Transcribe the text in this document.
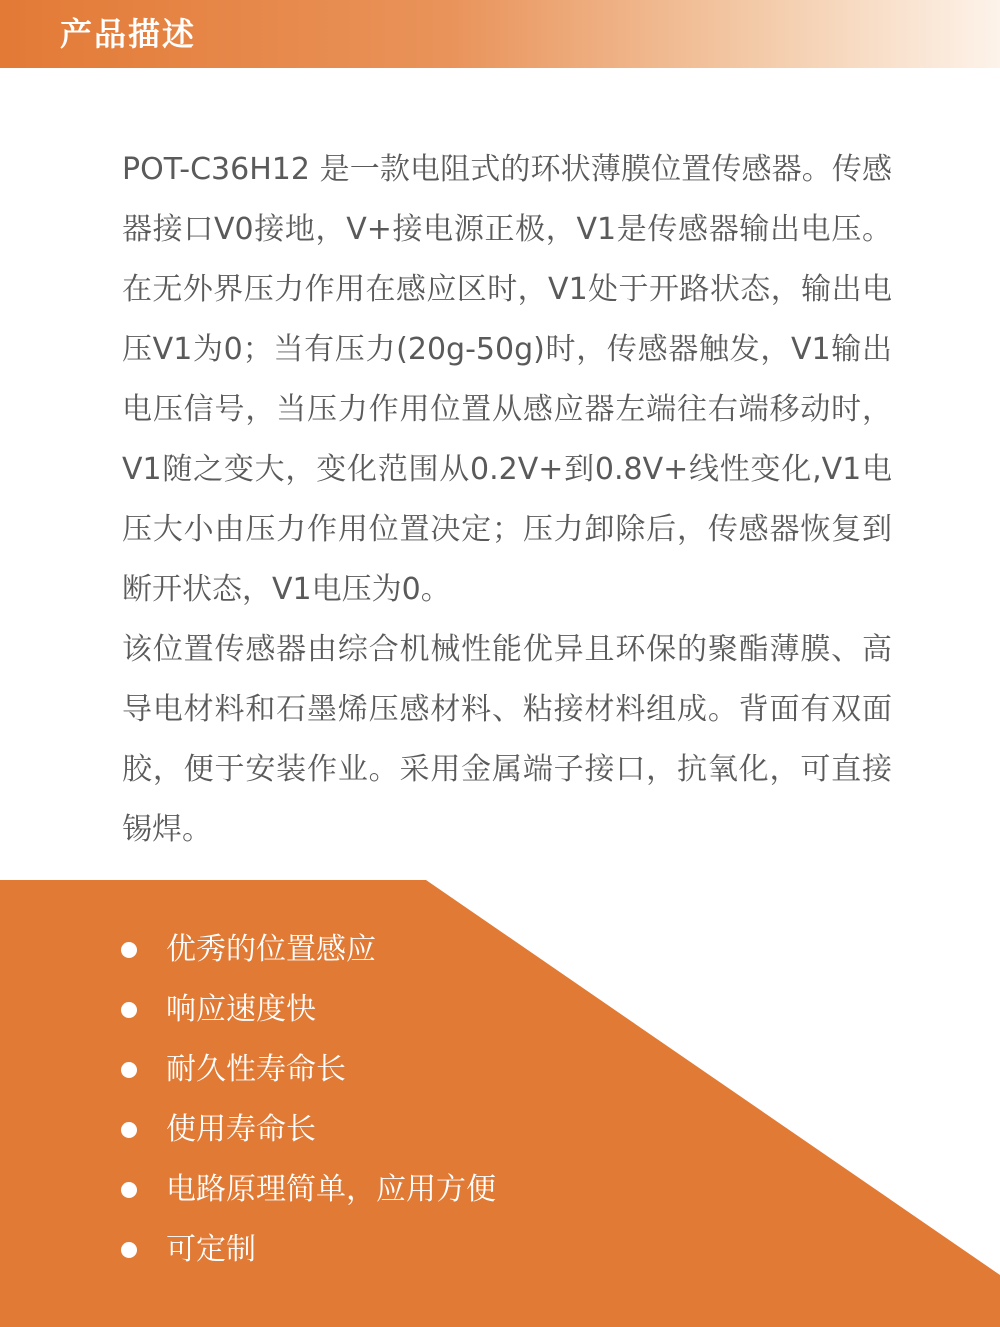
产品描述

POT-C36H12 是一款电阻式的环状薄膜位置传感器。传感器接口V0接地，V+接电源正极，V1是传感器输出电压。在无外界压力作用在感应区时，V1处于开路状态，输出电压V1为0；当有压力(20g-50g)时，传感器触发，V1输出电压信号，当压力作用位置从感应器左端往右端移动时，V1随之变大，变化范围从0.2V+到0.8V+线性变化,V1电压大小由压力作用位置决定；压力卸除后，传感器恢复到断开状态，V1电压为0。

该位置传感器由综合机械性能优异且环保的聚酯薄膜、高导电材料和石墨烯压感材料、粘接材料组成。背面有双面胶，便于安装作业。采用金属端子接口，抗氧化，可直接锡焊。

优秀的位置感应
响应速度快
耐久性寿命长
使用寿命长
电路原理简单，应用方便
可定制
